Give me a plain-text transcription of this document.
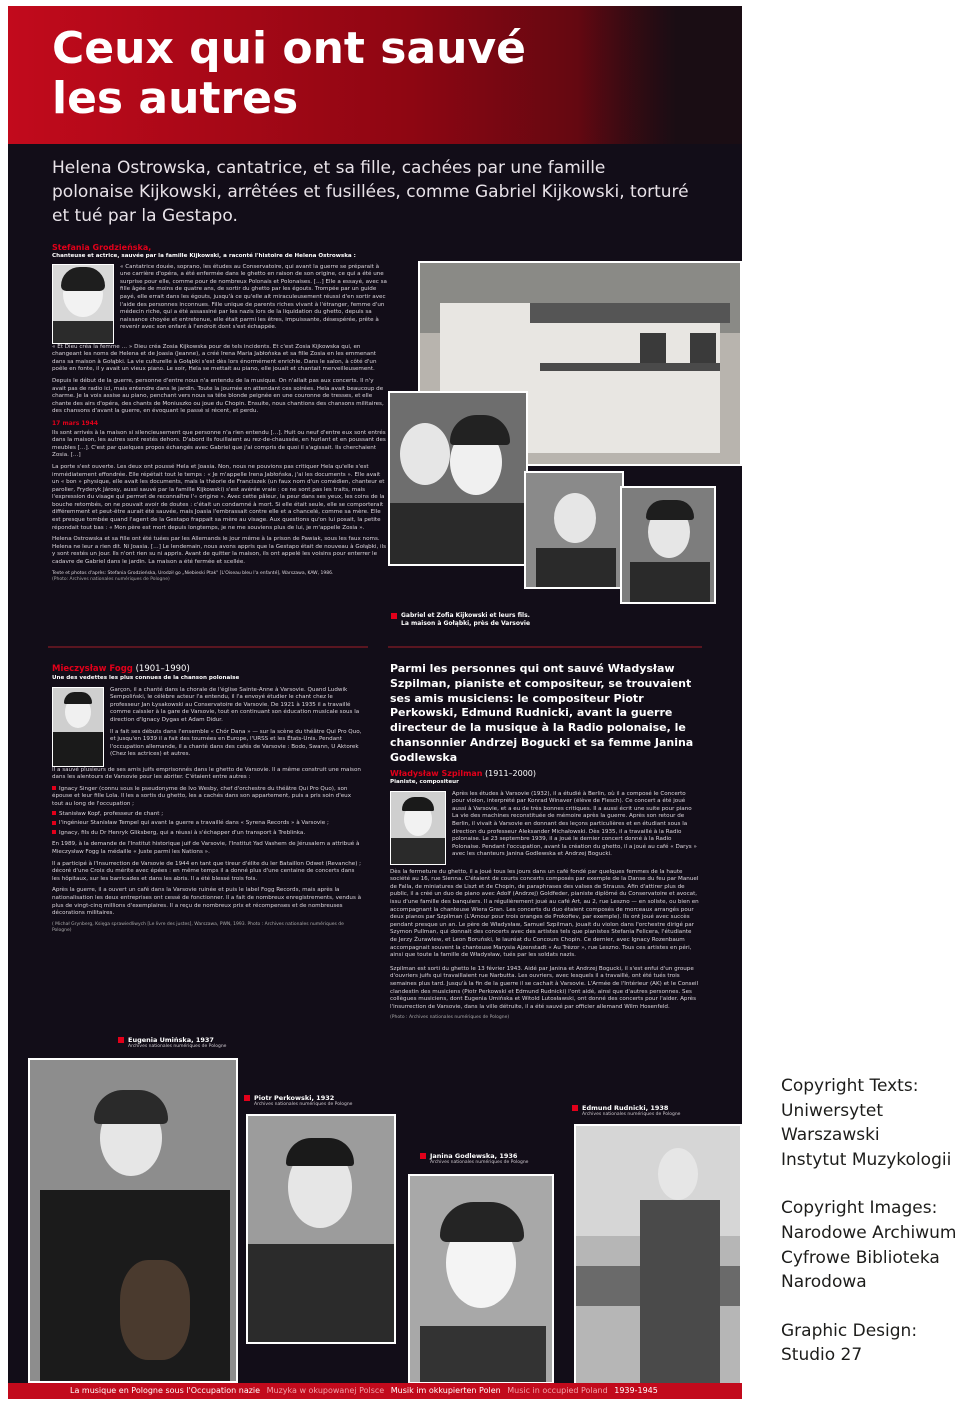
Ceux qui ont sauvé
les autres
Helena Ostrowska, cantatrice, et sa fille, cachées par une famille polonaise Kijkowski, arrêtées et fusillées, comme Gabriel Kijkowski, torturé et tué par la Gestapo.
Stefania Grodzieńska,
Chanteuse et actrice, sauvée par la famille Kijkowski, a raconté l'histoire de Helena Ostrowska :
« Cantatrice douée, soprano, les études au Conservatoire, qui avant la guerre se préparait à une carrière d'opéra, a été enfermée dans le ghetto en raison de son origine, ce qui a été une surprise pour elle, comme pour de nombreux Polonais et Polonaises. […] Elle a essayé, avec sa fille âgée de moins de quatre ans, de sortir du ghetto par les égouts. Trompée par un guide payé, elle errait dans les égouts, jusqu'à ce qu'elle ait miraculeusement réussi d'en sortir avec l'aide des personnes inconnues. Fille unique de parents riches vivant à l'étranger, femme d'un médecin riche, qui a été assassiné par les nazis lors de la liquidation du ghetto, depuis sa naissance choyée et entretenue, elle était parmi les êtres, impuissante, désespérée, prête à revenir avec son enfant à l'endroit dont s'est échappée.
« Et Dieu créa la femme … » Dieu créa Zosia Kijkowska pour de tels incidents. Et c'est Zosia Kijkowska qui, en changeant les noms de Helena et de Joasia (Jeanne), a créé Irena Maria Jabłońska et sa fille Zosia en les emmenant dans sa maison à Gołąbki. La vie culturelle à Gołąbki s'est dès lors énormément enrichie. Dans le salon, à côté d'un poêle en fonte, il y avait un vieux piano. Le soir, Hela se mettait au piano, elle jouait et chantait merveilleusement.
Depuis le début de la guerre, personne d'entre nous n'a entendu de la musique. On n'allait pas aux concerts. Il n'y avait pas de radio ici, mais entendre dans le jardin. Toute la journée en attendant ces soirées. Hela avait beaucoup de charme. Je la vois assise au piano, penchant vers nous sa tête blonde peignée en une couronne de tresses, et elle chante des airs d'opéra, des chants de Moniuszko ou joue du Chopin. Ensuite, nous chantions des chansons militaires, des chansons d'avant la guerre, en évoquant le passé si récent, et perdu.
17 mars 1944
Ils sont arrivés à la maison si silencieusement que personne n'a rien entendu […]. Huit ou neuf d'entre eux sont entrés dans la maison, les autres sont restés dehors. D'abord ils fouillaient au rez-de-chaussée, en hurlant et en poussant des meubles […]. C'est par quelques propos échangés avec Gabriel que j'ai compris de quoi il s'agissait. Ils cherchaient Zosia. […]
La porte s'est ouverte. Les deux ont poussé Hela et Joasia. Non, nous ne pouvions pas critiquer Hela qu'elle s'est immédiatement effondrée. Elle répétait tout le temps : « Je m'appelle Irena Jabłońska, j'ai les documents ». Elle avait un « bon » physique, elle avait les documents, mais la théorie de Franciszek (un faux nom d'un comédien, chanteur et parolier, Fryderyk Járosy, aussi sauvé par la famille Kijkowski) s'est avérée vraie : ce ne sont pas les traits, mais l'expression du visage qui permet de reconnaître l'« origine ». Avec cette pâleur, la peur dans ses yeux, les coins de la bouche retombés, on ne pouvait avoir de doutes : c'était un condamné à mort. Si elle était seule, elle se comporterait différemment et peut-être aurait été sauvée, mais Joasia l'embrassait contre elle et a chancelé, comme sa mère. Elle est presque tombée quand l'agent de la Gestapo frappait sa mère au visage. Aux questions qu'on lui posait, la petite répondait tout bas : « Mon père est mort depuis longtemps, je ne me souviens plus de lui, je m'appelle Zosia ».
Helena Ostrowska et sa fille ont été tuées par les Allemands le jour même à la prison de Pawiak, sous les faux noms. Helena ne leur a rien dit. Ni Joasia. […] Le lendemain, nous avons appris que la Gestapo était de nouveau à Gołąbki, ils y sont restés un jour. Ils n'ont rien su ni appris. Avant de quitter la maison, ils ont appelé les voisins pour enterrer le cadavre de Gabriel dans le jardin. La maison a été fermée et scellée.
Texte et photos d'après: Stefania Grodzieńska, Urodził go „Niebieski Ptak" [L'Oiseau bleu l'a enfanté], Warszawa, KAW, 1986.
(Photo: Archives nationales numériques de Pologne)
Gabriel et Zofia Kijkowski et leurs fils.
La maison à Gołąbki, près de Varsovie
Mieczysław Fogg (1901–1990)
Une des vedettes les plus connues de la chanson polonaise
Garçon, il a chanté dans la chorale de l'église Sainte-Anne à Varsovie. Quand Ludwik Sempoliński, le célèbre acteur l'a entendu, il l'a envoyé étudier le chant chez le professeur Jan Łysakowski au Conservatoire de Varsovie. De 1921 à 1935 il a travaillé comme caissier à la gare de Varsovie, tout en continuant son éducation musicale sous la direction d'Ignacy Dygas et Adam Didur.
Il a fait ses débuts dans l'ensemble « Chór Dana » — sur la scène du théâtre Qui Pro Quo, et jusqu'en 1939 il a fait des tournées en Europe, l'URSS et les États-Unis. Pendant l'occupation allemande, il a chanté dans des cafés de Varsovie : Bodo, Swann, U Aktorek (Chez les actrices) et autres.
Il a sauvé plusieurs de ses amis juifs emprisonnés dans le ghetto de Varsovie. Il a même construit une maison dans les alentours de Varsovie pour les abriter. C'étaient entre autres :
Ignacy Singer (connu sous le pseudonyme de Ivo Wesby, chef d'orchestre du théâtre Qui Pro Quo), son épouse et leur fille Lola. Il les a sortis du ghetto, les a cachés dans son appartement, puis a pris soin d'eux tout au long de l'occupation ;
Stanisław Kopf, professeur de chant ;
l'ingénieur Stanisław Tempel qui avant la guerre a travaillé dans « Syrena Records » à Varsovie ;
Ignacy, fils du Dr Henryk Gliksberg, qui a réussi à s'échapper d'un transport à Treblinka.
En 1989, à la demande de l'Institut historique juif de Varsovie, l'Institut Yad Vashem de Jérusalem a attribué à Mieczysław Fogg la médaille « Juste parmi les Nations ».
Il a participé à l'Insurrection de Varsovie de 1944 en tant que tireur d'élite du Ier Bataillon Odwet (Revanche) ; décoré d'une Croix du mérite avec épées : en même temps il a donné plus d'une centaine de concerts dans les hôpitaux, sur les barricades et dans les abris. Il a été blessé trois fois.
Après la guerre, il a ouvert un café dans la Varsovie ruinée et puis le label Fogg Records, mais après la nationalisation les deux entreprises ont cessé de fonctionner. Il a fait de nombreux enregistrements, vendus à plus de vingt-cinq millions d'exemplaires. Il a reçu de nombreux prix et récompenses et de nombreuses décorations militaires.
( Michał Grynberg, Księga sprawiedliwych [Le livre des justes], Warszawa, PWN, 1993. Photo : Archives nationales numériques de Pologne)
Parmi les personnes qui ont sauvé Władysław Szpilman, pianiste et compositeur, se trouvaient ses amis musiciens: le compositeur Piotr Perkowski, Edmund Rudnicki, avant la guerre directeur de la musique à la Radio polonaise, le chansonnier Andrzej Bogucki et sa femme Janina Godlewska
Władysław Szpilman (1911–2000)
Pianiste, compositeur
Après les études à Varsovie (1932), il a étudié à Berlin, où il a composé le Concerto pour violon, interprété par Konrad Winaver (élève de Flesch). Ce concert a été joué aussi à Varsovie, et a eu de très bonnes critiques. Il a aussi écrit une suite pour piano La vie des machines reconstituée de mémoire après la guerre. Après son retour de Berlin, il vivait à Varsovie en donnant des leçons particulières et en étudiant sous la direction du professeur Aleksander Michałowski. Dès 1935, il a travaillé à la Radio polonaise. Le 23 septembre 1939, il a joué le dernier concert donné à la Radio Polonaise. Pendant l'occupation, avant la création du ghetto, il a joué au café « Darys » avec les chanteurs Janina Godlewska et Andrzej Bogucki.
Dès la fermeture du ghetto, il a joué tous les jours dans un café fondé par quelques femmes de la haute société au 16, rue Sienna. C'étaient de courts concerts composés par exemple de la Danse du feu par Manuel de Falla, de miniatures de Liszt et de Chopin, de paraphrases des valses de Strauss. Afin d'attirer plus de public, il a créé un duo de piano avec Adolf (Andrzej) Goldfeder, pianiste diplômé du Conservatoire et avocat, issu d'une famille des banquiers. Il a régulièrement joué au café Art, au 2, rue Leszno — en soliste, ou bien en accompagnant la chanteuse Wiera Gran. Les concerts du duo étaient composés de morceaux arrangés pour deux pianos par Szpilman (L'Amour pour trois oranges de Prokofiev, par exemple). Ils ont joué avec succès pendant presque un an. Le père de Władysław, Samuel Szpilman, jouait du violon dans l'orchestre dirigé par Szymon Pullman, qui donnait des concerts avec des artistes tels que pianistes Stefania Felicera, l'étudiante de Jerzy Żurawlew, et Leon Boruński, le lauréat du Concours Chopin. Ce dernier, avec Ignacy Rozenbaum accompagnait souvent la chanteuse Marysia Ajzenstadt « Au Trèzor », rue Leszno. Tous ces artistes en péri, ainsi que toute la famille de Władysław, tués par les soldats nazis.
Szpilman est sorti du ghetto le 13 février 1943. Aidé par Janina et Andrzej Bogucki, il s'est enfui d'un groupe d'ouvriers juifs qui travaillaient rue Narbutta. Les ouvriers, avec lesquels il a travaillé, ont été tués trois semaines plus tard. Jusqu'à la fin de la guerre il se cachait à Varsovie. L'Armée de l'Intérieur (AK) et le Conseil clandestin des musiciens (Piotr Perkowski et Edmund Rudnicki) l'ont aidé, ainsi que d'autres personnes. Ses collègues musiciens, dont Eugenia Umińska et Witold Lutosławski, ont donné des concerts pour l'aider. Après l'insurrection de Varsovie, dans la ville détruite, il a été sauvé par officier allemand Wilm Hosenfeld.
(Photo : Archives nationales numériques de Pologne)
Eugenia Umińska, 1937
Archives nationales numériques de Pologne
Piotr Perkowski, 1932
Archives nationales numériques de Pologne
Janina Godlewska, 1936
Archives nationales numériques de Pologne
Edmund Rudnicki, 1938
Archives nationales numériques de Pologne
La musique en Pologne sous l'Occupation nazie Muzyka w okupowanej Polsce Musik im okkupierten Polen Music in occupied Poland 1939-1945
Copyright Texts:
Uniwersytet
Warszawski
Instytut Muzykologii
Copyright Images:
Narodowe Archiwum
Cyfrowe Biblioteka
Narodowa
Graphic Design:
Studio 27
